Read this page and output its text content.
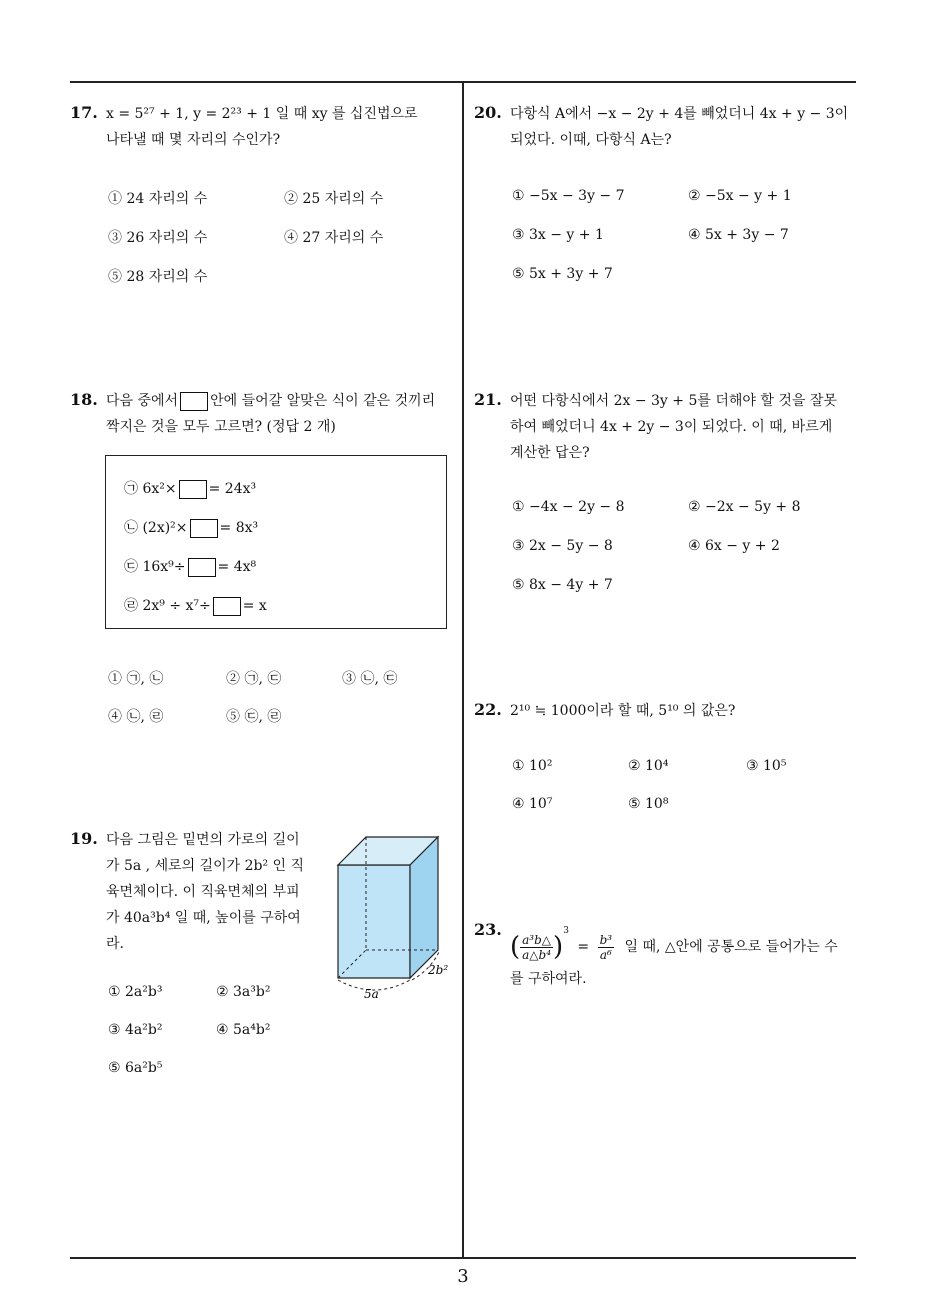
17. x = 5²⁷ + 1, y = 2²³ + 1 일 때 xy 를 십진법으로
나타낼 때 몇 자리의 수인가?
① 24 자리의 수	② 25 자리의 수
③ 26 자리의 수	④ 27 자리의 수
⑤ 28 자리의 수
18. 다음 중에서 안에 들어갈 알맞은 식이 같은 것끼리
짝지은 것을 모두 고르면? (정답 2 개)
㉠ 6x²× = 24x³
㉡ (2x)²× = 8x³
㉢ 16x⁹÷ = 4x⁸
㉣ 2x⁹ ÷ x⁷÷ = x
① ㉠, ㉡	② ㉠, ㉢	③ ㉡, ㉢
④ ㉡, ㉣	⑤ ㉢, ㉣
19. 다음 그림은 밑면의 가로의 길이
가 5a , 세로의 길이가 2b² 인 직
육면체이다. 이 직육면체의 부피
가 40a³b⁴ 일 때, 높이를 구하여
라.
5a
2b²
① 2a²b³	② 3a³b²
③ 4a²b²	④ 5a⁴b²
⑤ 6a²b⁵
20. 다항식 A에서 −x − 2y + 4를 빼었더니 4x + y − 3이
되었다. 이때, 다항식 A는?
① −5x − 3y − 7	② −5x − y + 1
③ 3x − y + 1	④ 5x + 3y − 7
⑤ 5x + 3y + 7
21. 어떤 다항식에서 2x − 3y + 5를 더해야 할 것을 잘못
하여 빼었더니 4x + 2y − 3이 되었다. 이 때, 바르게
계산한 답은?
① −4x − 2y − 8	② −2x − 5y + 8
③ 2x − 5y − 8	④ 6x − y + 2
⑤ 8x − 4y + 7
22. 2¹⁰ ≒ 1000이라 할 때, 5¹⁰ 의 값은?
① 10²	② 10⁴	③ 10⁵
④ 10⁷	⑤ 10⁸
23.
( $\frac{\text{a³b△}}{\text{a△b⁴}} )^3 = \frac{\text{b³}}{\text{a⁶}}$ 일 때, △안에 공통으로 들어가는 수
를 구하여라.
3
